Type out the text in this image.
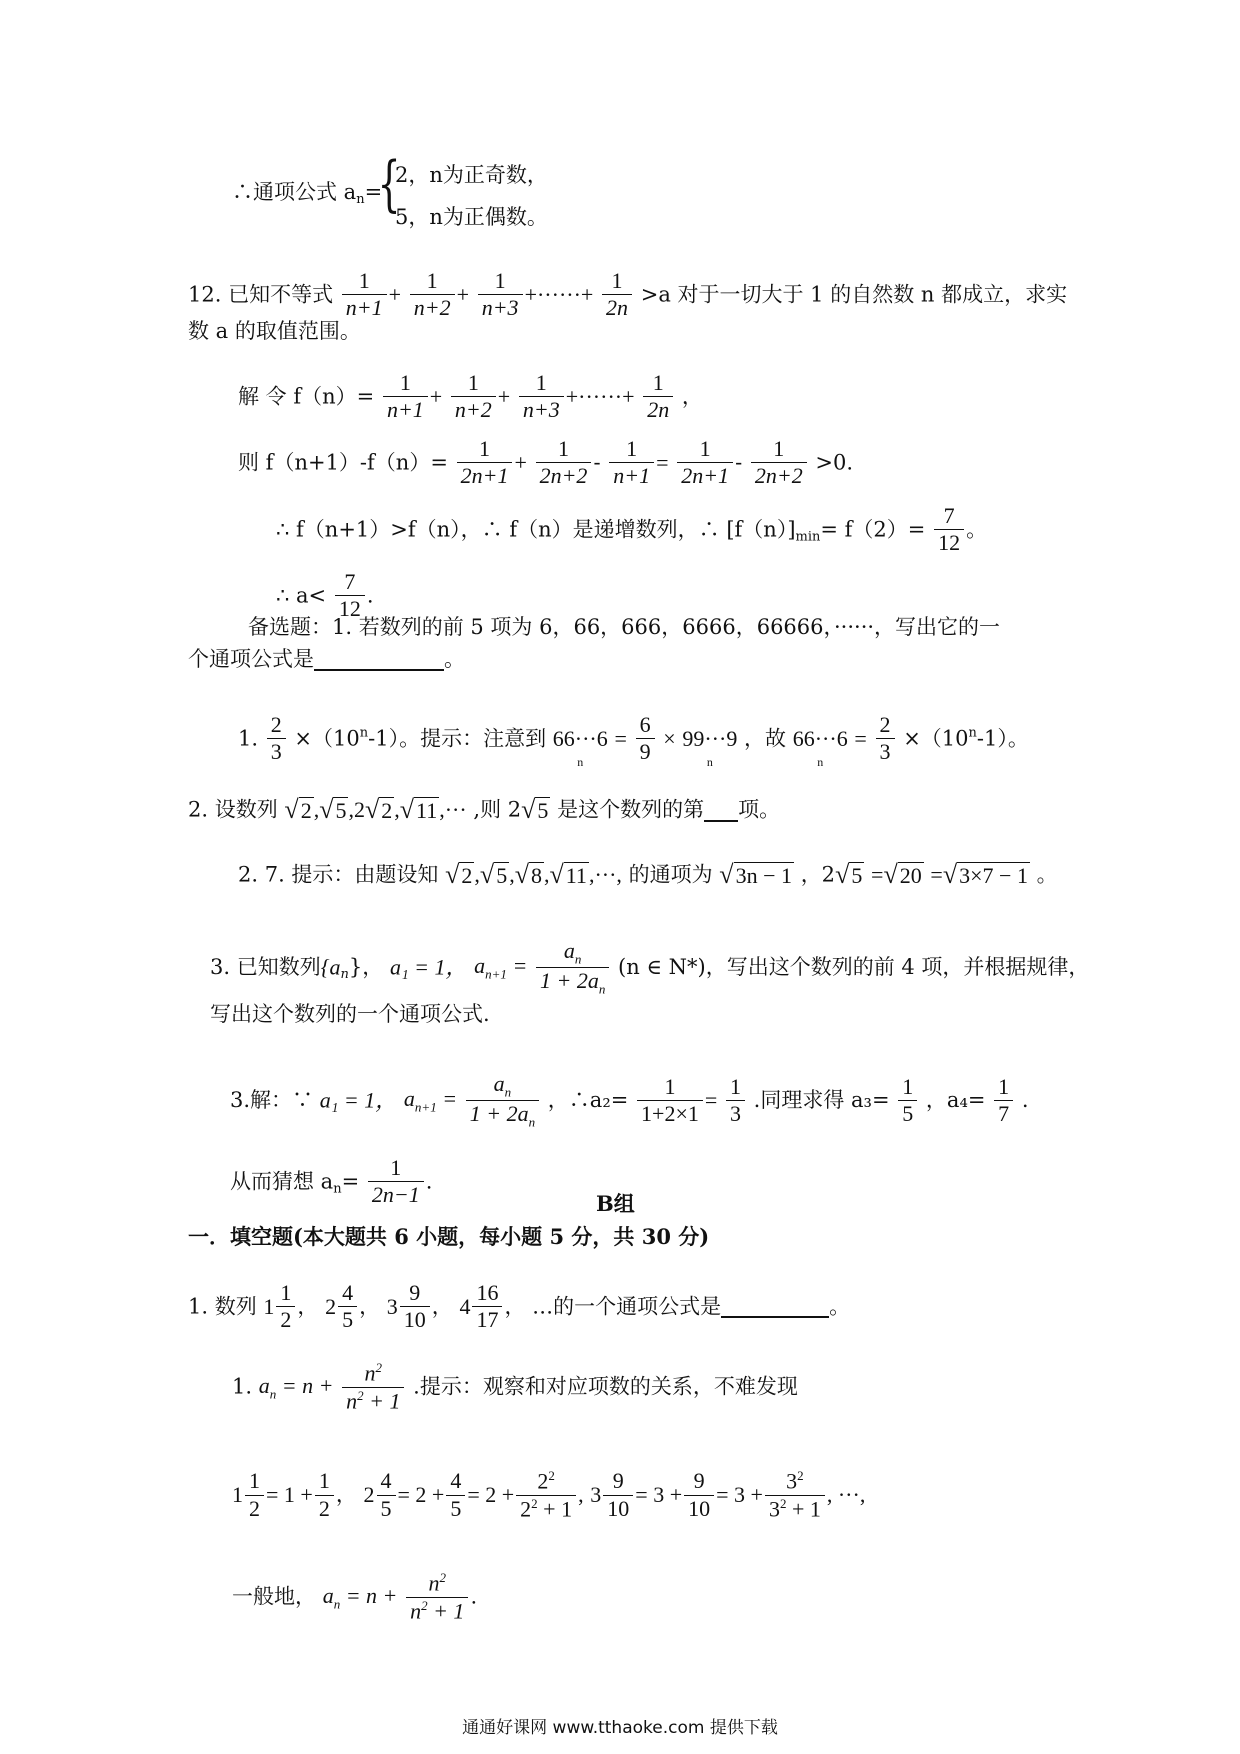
∴通项公式 $a_n=$
{
2，n为正奇数，
5，n为正偶数。
12. 已知不等式 $\frac{1}{n+1} + \frac{1}{n+2} + \frac{1}{n+3}$ +······+ $\frac{1}{2n} >a$ 对于一切大于 1 的自然数 n 都成立，求实
数 a 的取值范围。
解 令 $f(n)= \frac{1}{n+1} + \frac{1}{n+2} + \frac{1}{n+3}$ +······+ $\frac{1}{2n}$ ，
则 $f(n+1)-f(n)= \frac{1}{2n+1} + \frac{1}{2n+2} - \frac{1}{n+1} = \frac{1}{2n+1} - \frac{1}{2n+2} >0$.
∴ f（n+1）>f（n），∴ f（n）是递增数列，∴ $[f(n)]_{min}= f(2)= \frac{7}{12}$ 。
∴ $a< \frac{7}{12}$ .
备选题：1. 若数列的前 5 项为 6，66，666，6666，66666，······，写出它的一
个通项公式是	。
1. $\frac{2}{3} \times(10^n-1)$。提示：注意到 66···6
n
= $\frac{6}{9} \times 99\cdot\cdot\cdot 9$
n
，故 66···6
n
= $\frac{2}{3} \times(10^n-1)$。
2. 设数列 √2,√5,2√2,√11,··· ,则 2√5 是这个数列的第 项。
2. 7. 提示：由题设知 √2,√5,√8,√11,···, 的通项为 √3n − 1 ，2√5 =√20 =√3×7 − 1 。
3. 已知数列$\{a_n\}$， a₁ = 1， $a_{n+1} = \frac{a_n}{1 + 2a_n} (n$ ∈ N*)，写出这个数列的前 4 项，并根据规律，
写出这个数列的一个通项公式.
3.解：∵ a₁ = 1， $a_{n+1} = \frac{a_n}{1 + 2a_n}$ ，∴a₂= $\frac{1}{1+2\times 1} = \frac{1}{3}$ .同理求得 $a_3= \frac{1}{5}$ ，$a_4= \frac{1}{7}$ .
从而猜想 $a_n= \frac{1}{2n-1}$ .
B组
一．填空题(本大题共 6 小题，每小题 5 分，共 30 分)
1. 数列 $1 \frac{1}{2}$ ， $2 \frac{4}{5}$ ， $3 \frac{9}{10}$ ， $4 \frac{16}{17}$ ， …的一个通项公式是	。
1. $a_n = n + \frac{n^2}{n^2 + 1}$ .提示：观察和对应项数的关系，不难发现
$1 \frac{1}{2} = 1 + \frac{1}{2}$ ， $2 \frac{4}{5} = 2 + \frac{4}{5} = 2 + \frac{2^2}{2^2 + 1}$ , $3 \frac{9}{10} = 3 + \frac{9}{10} = 3 + \frac{3^2}{3^2 + 1}$ , ···,
一般地， $a_n = n + \frac{n^2}{n^2 + 1}$ .
通通好课网 www.tthaoke.com 提供下载
